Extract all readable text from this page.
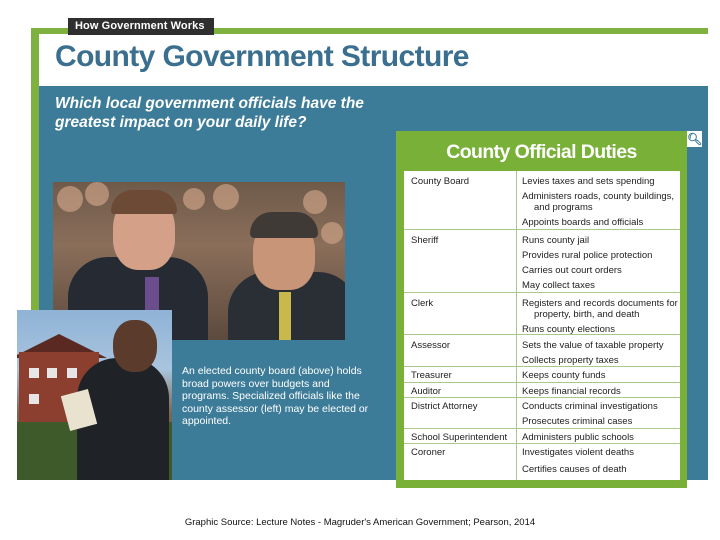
How Government Works
County Government Structure
Which local government officials have the greatest impact on your daily life?
An elected county board (above) holds broad powers over budgets and programs. Specialized officials like the county assessor (left) may be elected or appointed.
County Official Duties
County Board	Levies taxes and sets spending
Administers roads, county buildings,
and programs
Appoints boards and officials
Sheriff	Runs county jail
Provides rural police protection
Carries out court orders
May collect taxes
Clerk	Registers and records documents for
property, birth, and death
Runs county elections
Assessor	Sets the value of taxable property
Collects property taxes
Treasurer	Keeps county funds
Auditor	Keeps financial records
District Attorney	Conducts criminal investigations
Prosecutes criminal cases
School Superintendent Administers public schools
Coroner	Investigates violent deaths
Certifies causes of death
🔍︎
Graphic Source: Lecture Notes - Magruder's American Government; Pearson, 2014
